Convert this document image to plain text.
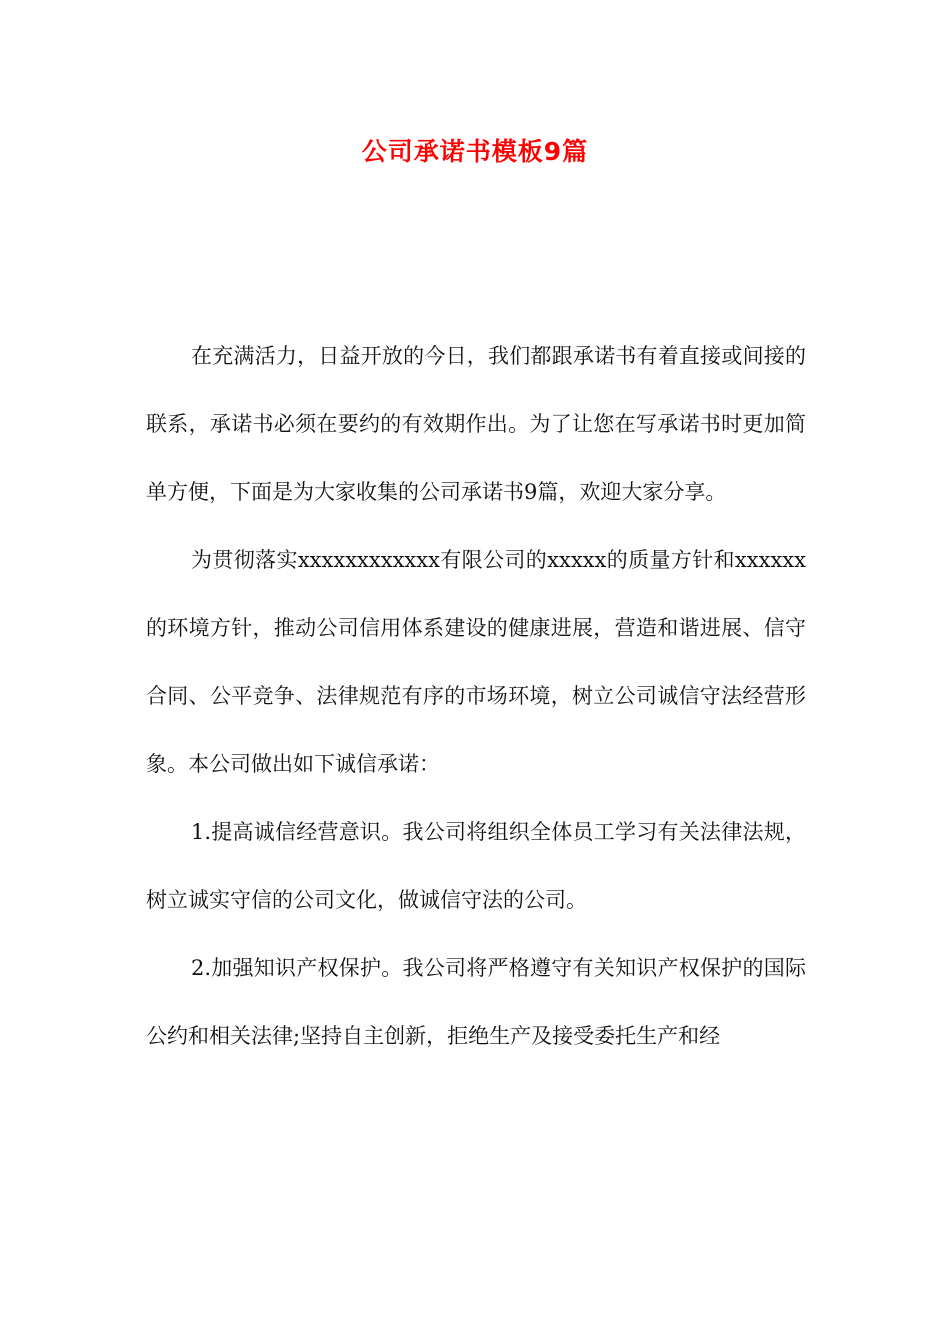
公司承诺书模板9篇

在充满活力，日益开放的今日，我们都跟承诺书有着直接或间接的联系，承诺书必须在要约的有效期作出。为了让您在写承诺书时更加简单方便，下面是为大家收集的公司承诺书9篇，欢迎大家分享。

为贯彻落实xxxxxxxxxxxx有限公司的xxxxx的质量方针和xxxxxx的环境方针，推动公司信用体系建设的健康进展，营造和谐进展、信守合同、公平竞争、法律规范有序的市场环境，树立公司诚信守法经营形象。本公司做出如下诚信承诺：

1.提高诚信经营意识。我公司将组织全体员工学习有关法律法规，树立诚实守信的公司文化，做诚信守法的公司。

2.加强知识产权保护。我公司将严格遵守有关知识产权保护的国际公约和相关法律;坚持自主创新，拒绝生产及接受委托生产和经
